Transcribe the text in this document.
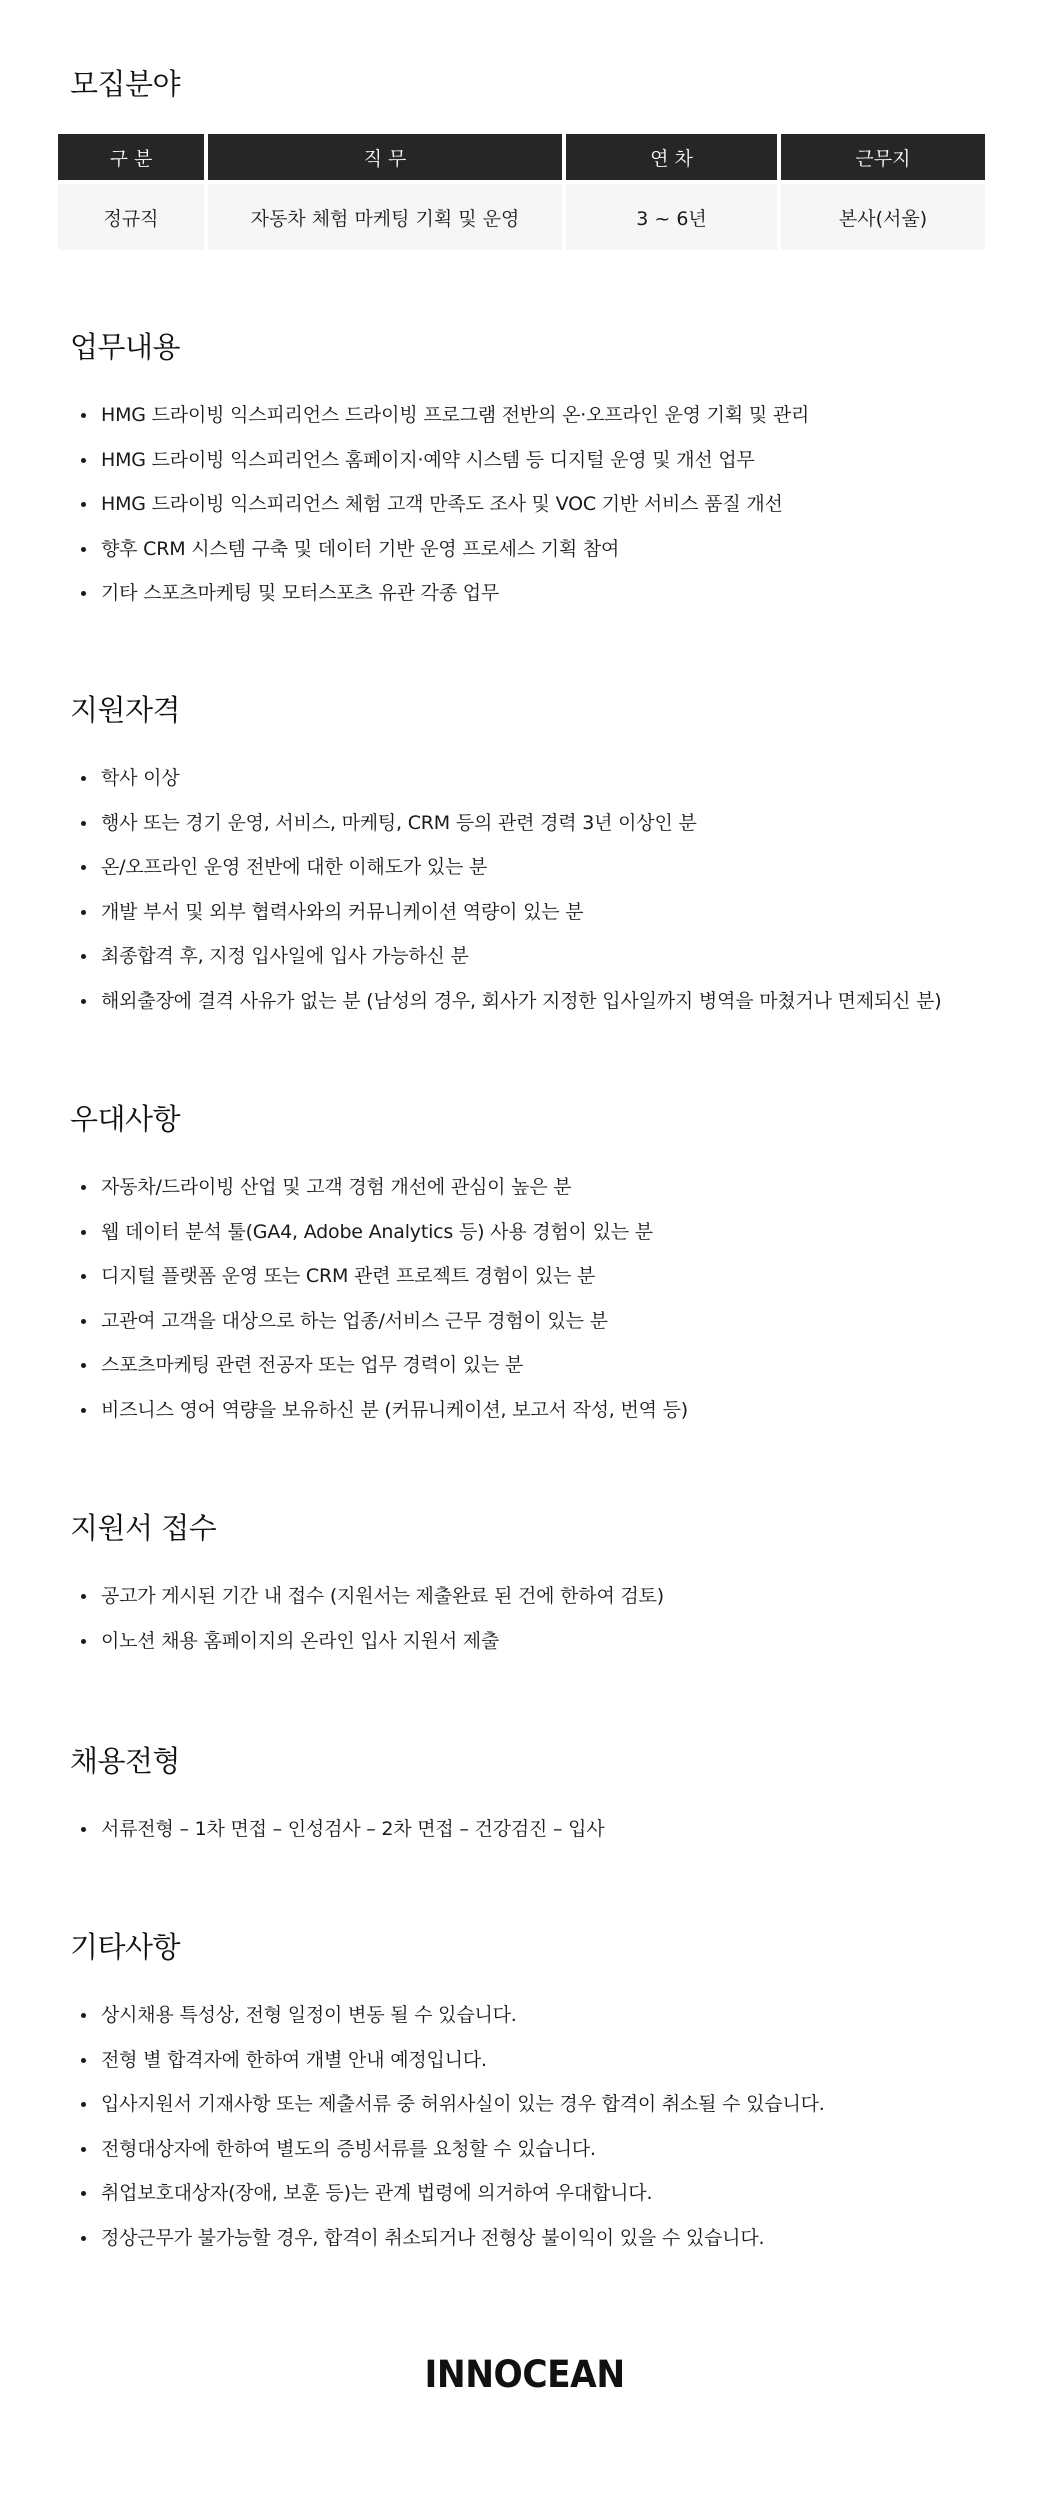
모집분야
구 분	직 무	연 차	근무지
정규직	자동차 체험 마케팅 기획 및 운영	3 ~ 6년	본사(서울)
업무내용
HMG 드라이빙 익스피리언스 드라이빙 프로그램 전반의 온·오프라인 운영 기획 및 관리
HMG 드라이빙 익스피리언스 홈페이지·예약 시스템 등 디지털 운영 및 개선 업무
HMG 드라이빙 익스피리언스 체험 고객 만족도 조사 및 VOC 기반 서비스 품질 개선
향후 CRM 시스템 구축 및 데이터 기반 운영 프로세스 기획 참여
기타 스포츠마케팅 및 모터스포츠 유관 각종 업무
지원자격
학사 이상
행사 또는 경기 운영, 서비스, 마케팅, CRM 등의 관련 경력 3년 이상인 분
온/오프라인 운영 전반에 대한 이해도가 있는 분
개발 부서 및 외부 협력사와의 커뮤니케이션 역량이 있는 분
최종합격 후, 지정 입사일에 입사 가능하신 분
해외출장에 결격 사유가 없는 분 (남성의 경우, 회사가 지정한 입사일까지 병역을 마쳤거나 면제되신 분)
우대사항
자동차/드라이빙 산업 및 고객 경험 개선에 관심이 높은 분
웹 데이터 분석 툴(GA4, Adobe Analytics 등) 사용 경험이 있는 분
디지털 플랫폼 운영 또는 CRM 관련 프로젝트 경험이 있는 분
고관여 고객을 대상으로 하는 업종/서비스 근무 경험이 있는 분
스포츠마케팅 관련 전공자 또는 업무 경력이 있는 분
비즈니스 영어 역량을 보유하신 분 (커뮤니케이션, 보고서 작성, 번역 등)
지원서 접수
공고가 게시된 기간 내 접수 (지원서는 제출완료 된 건에 한하여 검토)
이노션 채용 홈페이지의 온라인 입사 지원서 제출
채용전형
서류전형 – 1차 면접 – 인성검사 – 2차 면접 – 건강검진 – 입사
기타사항
상시채용 특성상, 전형 일정이 변동 될 수 있습니다.
전형 별 합격자에 한하여 개별 안내 예정입니다.
입사지원서 기재사항 또는 제출서류 중 허위사실이 있는 경우 합격이 취소될 수 있습니다.
전형대상자에 한하여 별도의 증빙서류를 요청할 수 있습니다.
취업보호대상자(장애, 보훈 등)는 관계 법령에 의거하여 우대합니다.
정상근무가 불가능할 경우, 합격이 취소되거나 전형상 불이익이 있을 수 있습니다.
INNOCEAN
